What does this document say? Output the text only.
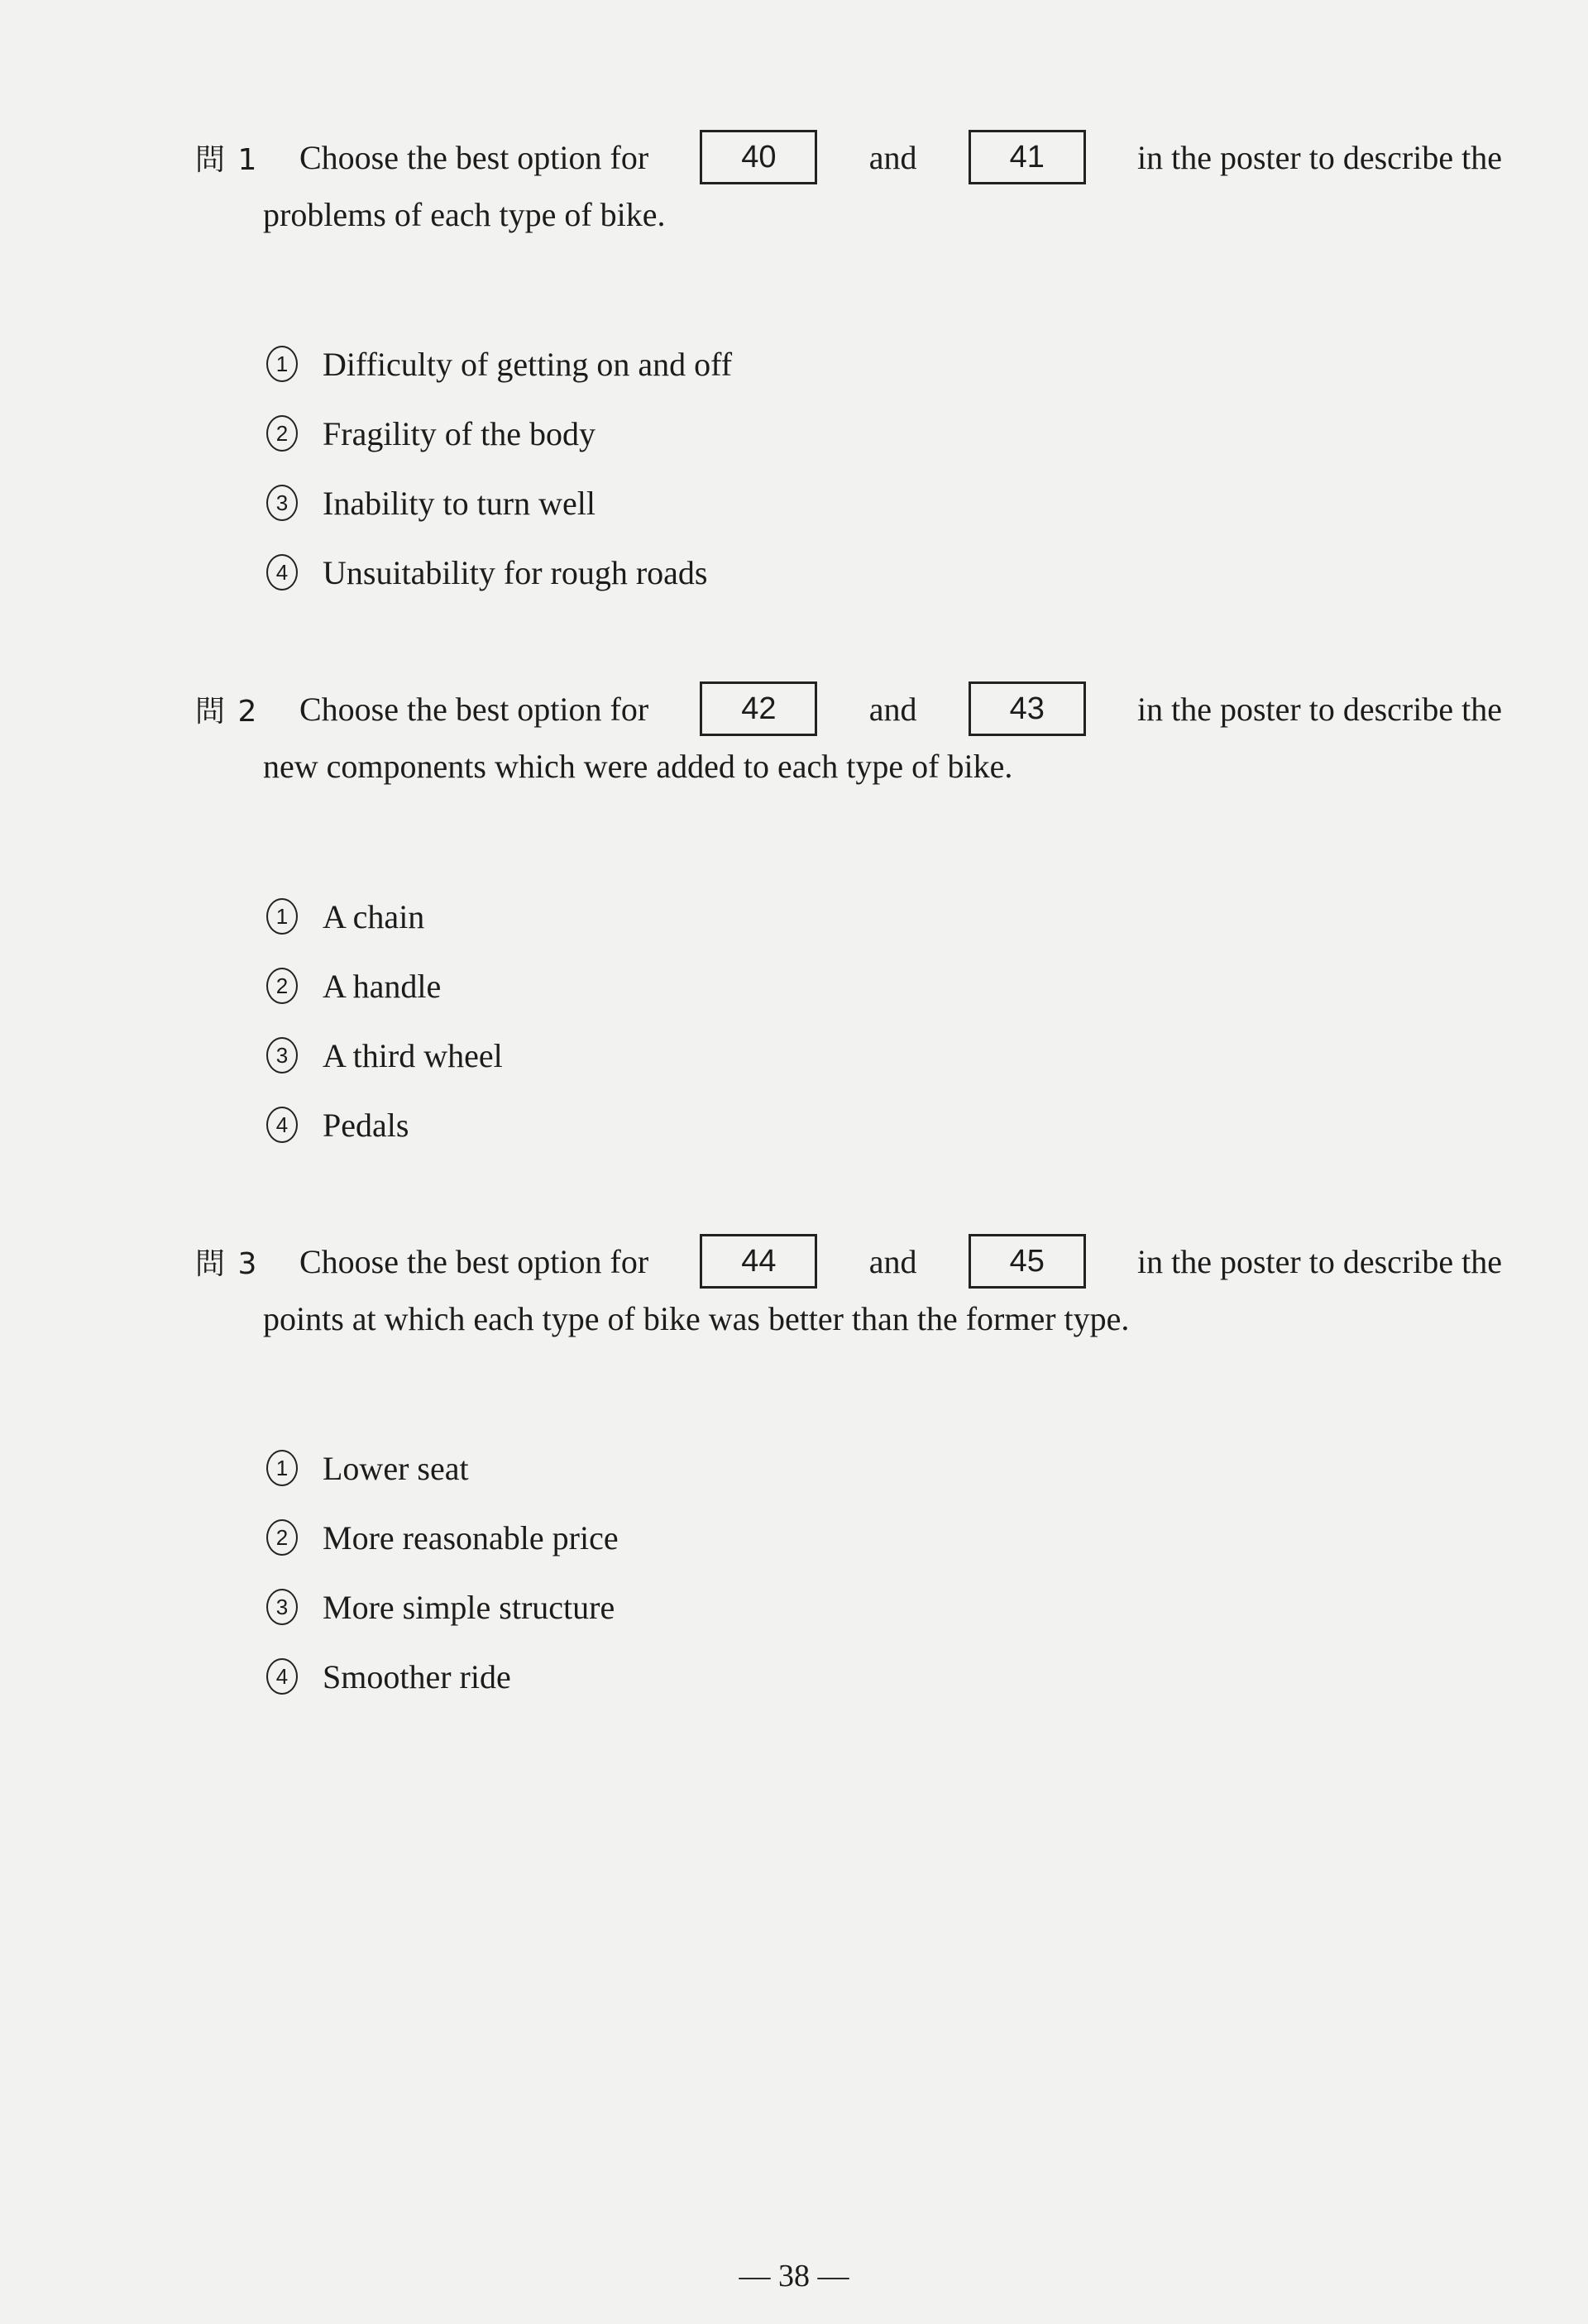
問 1	Choose the best option for	40	and	41	in the poster to describe the
problems of each type of bike.
1 Difficulty of getting on and off
2 Fragility of the body
3 Inability to turn well
4 Unsuitability for rough roads
問 2	Choose the best option for	42	and	43	in the poster to describe the
new components which were added to each type of bike.
1 A chain
2 A handle
3 A third wheel
4 Pedals
問 3	Choose the best option for	44	and	45	in the poster to describe the
points at which each type of bike was better than the former type.
1 Lower seat
2 More reasonable price
3 More simple structure
4 Smoother ride
— 38 —
